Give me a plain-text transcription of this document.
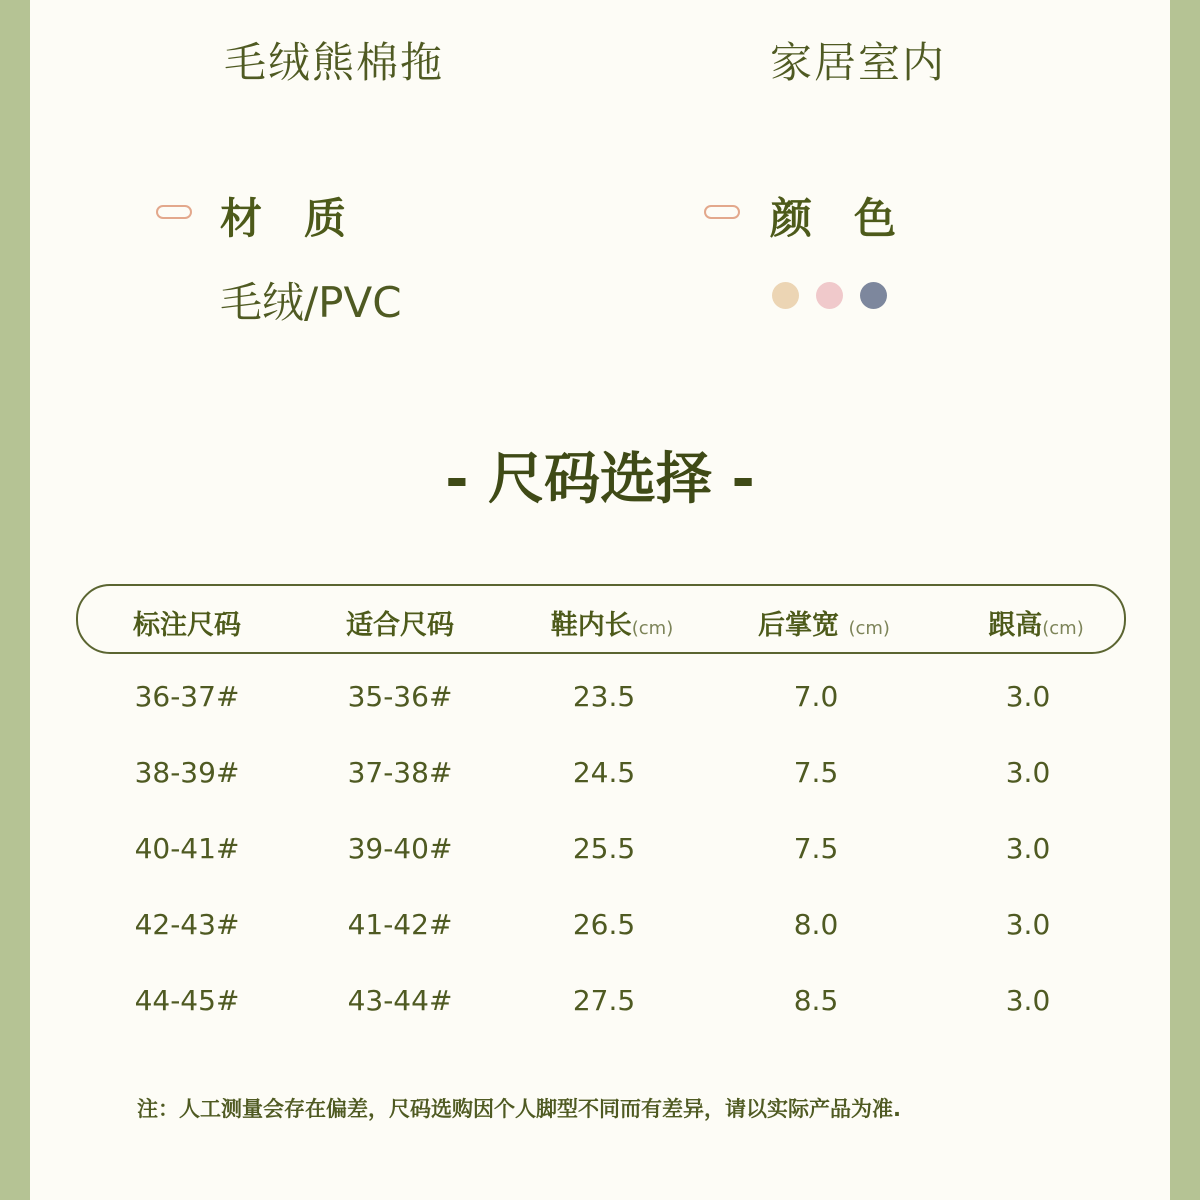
毛绒熊棉拖	家居室内
材　质
毛绒/PVC
颜　色
- 尺码选择 -
标注尺码	适合尺码	鞋内长(cm)	后掌宽 (cm)	跟高(cm)
36-37#	35-36#	23.5	7.0	3.0
38-39#	37-38#	24.5	7.5	3.0
40-41#	39-40#	25.5	7.5	3.0
42-43#	41-42#	26.5	8.0	3.0
44-45#	43-44#	27.5	8.5	3.0
注：人工测量会存在偏差，尺码选购因个人脚型不同而有差异，请以实际产品为准.
